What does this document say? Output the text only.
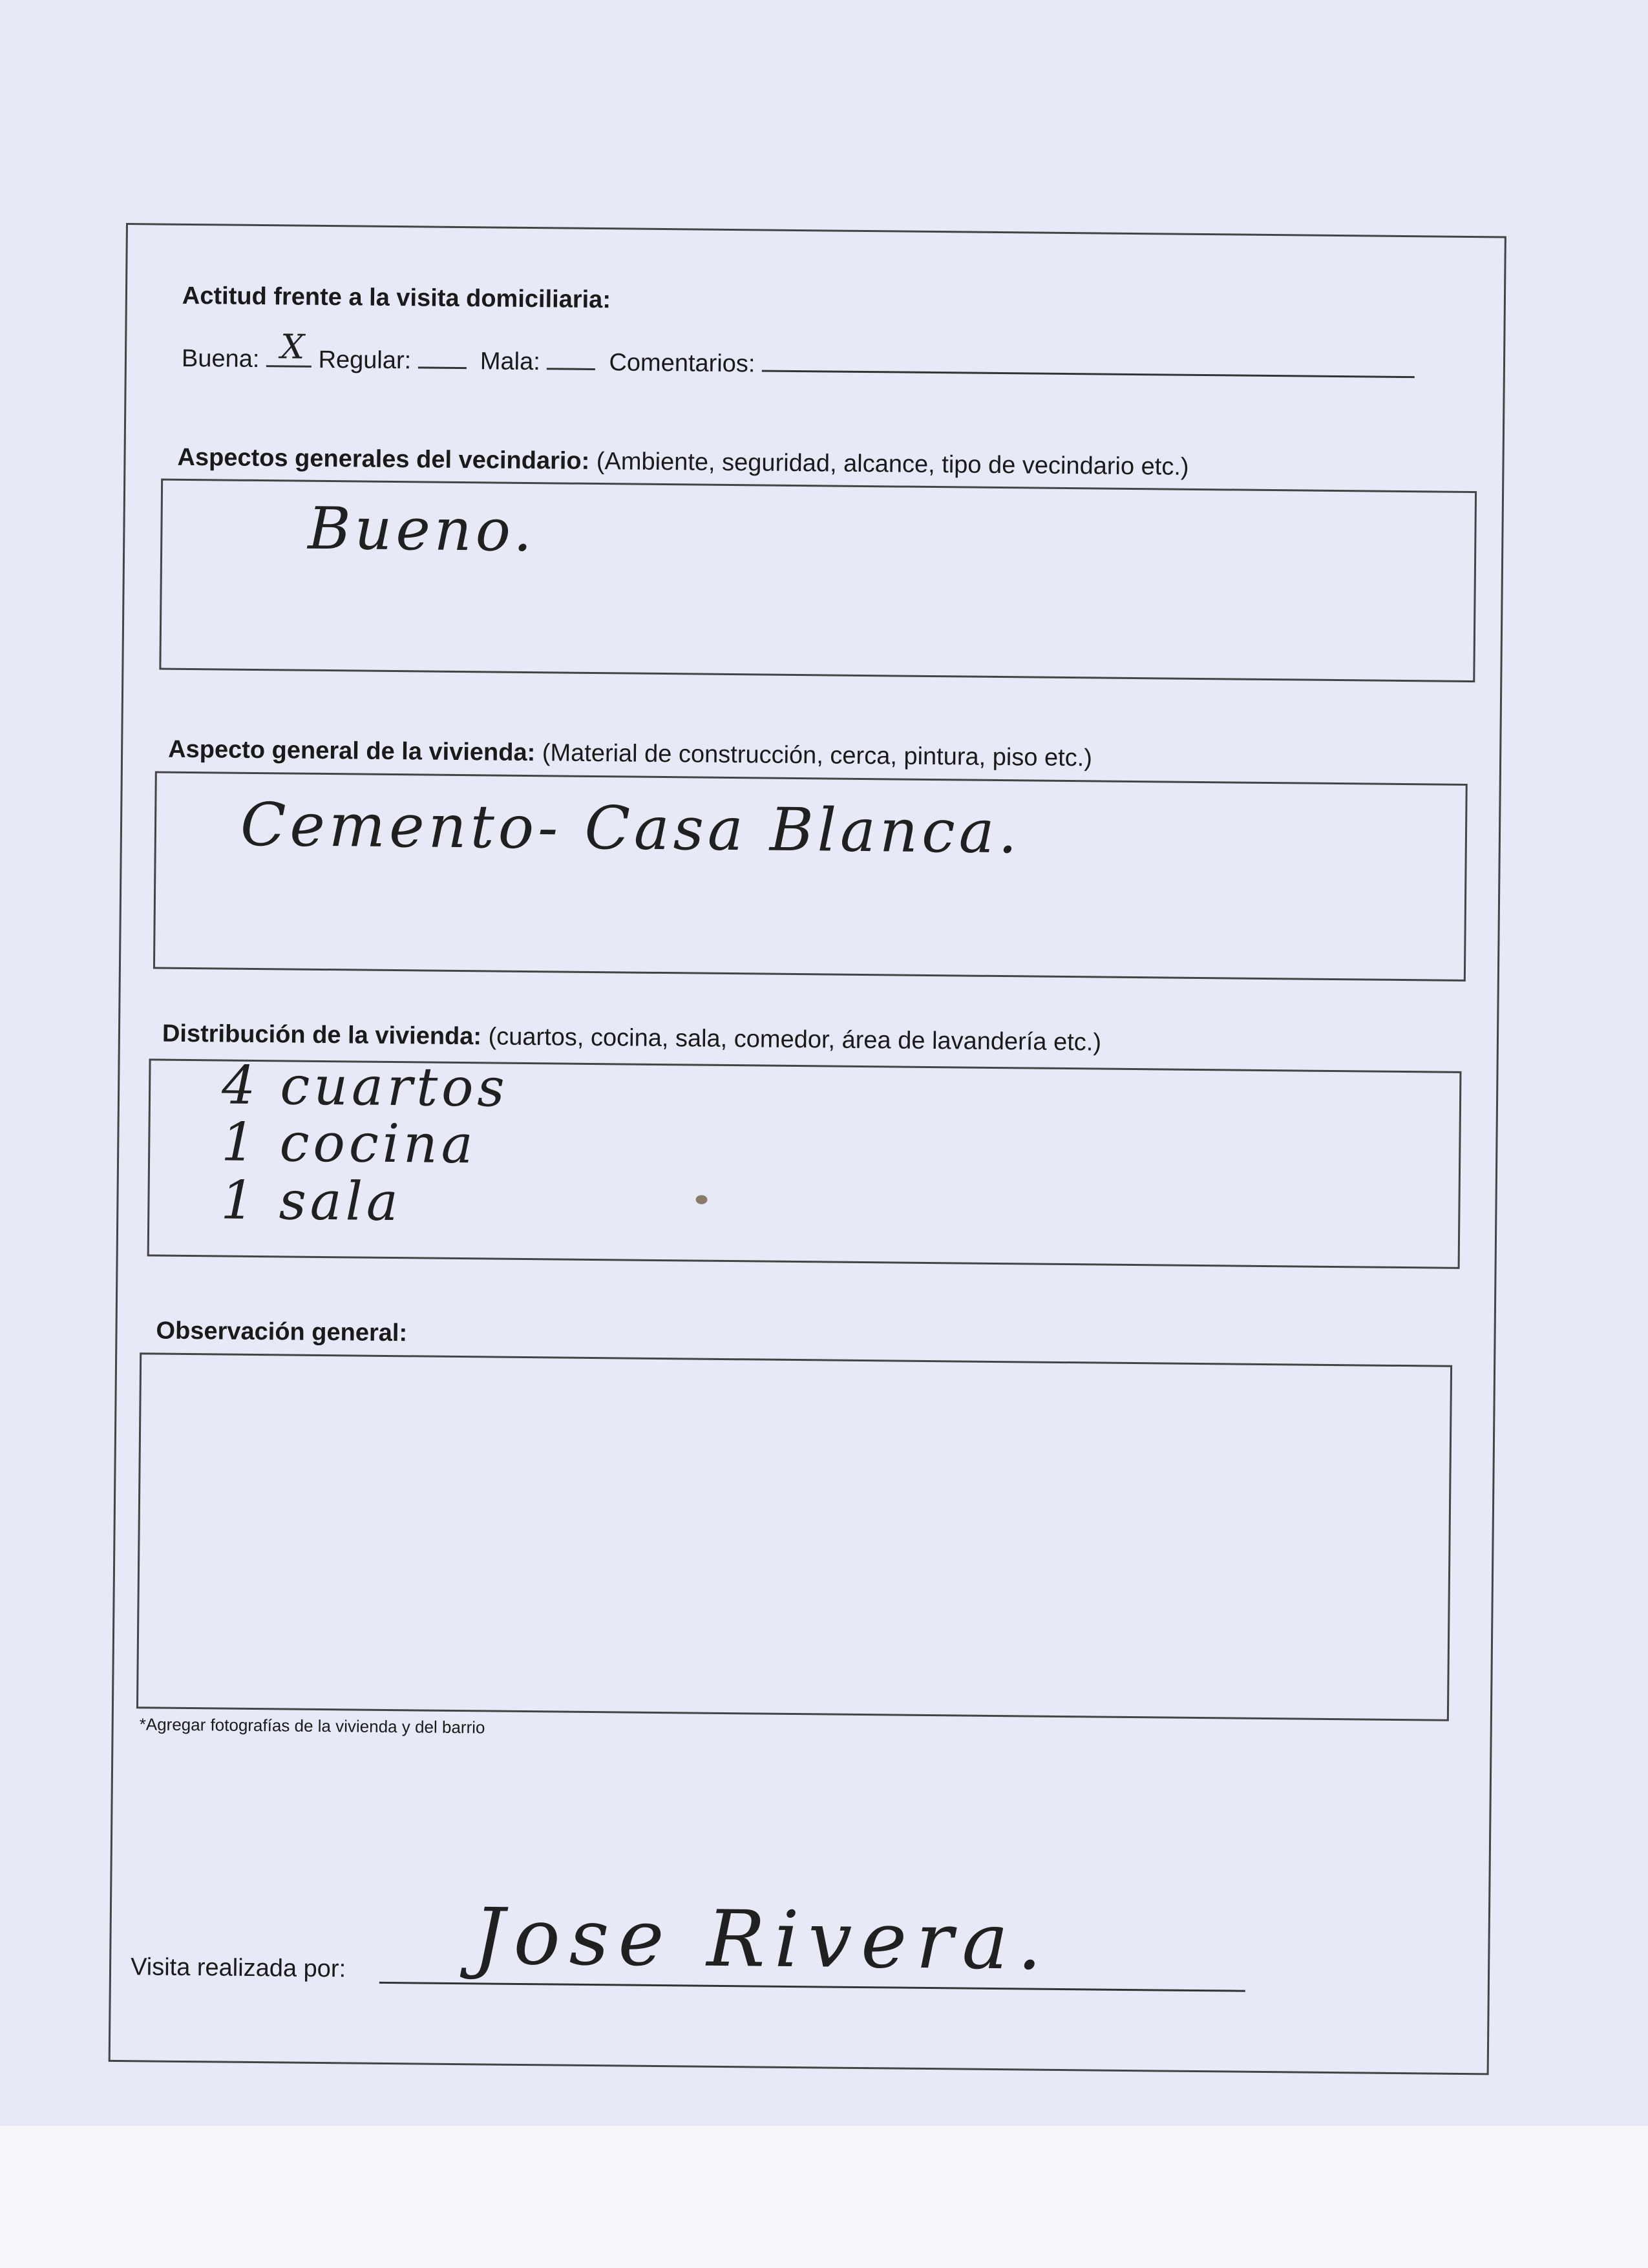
Actitud frente a la visita domiciliaria:
Buena: X Regular:	Mala:	Comentarios:
Aspectos generales del vecindario: (Ambiente, seguridad, alcance, tipo de vecindario etc.)
Bueno.
Aspecto general de la vivienda: (Material de construcción, cerca, pintura, piso etc.)
Cemento- Casa Blanca.
Distribución de la vivienda: (cuartos, cocina, sala, comedor, área de lavandería etc.)
4 cuartos
1 cocina
1 sala
Observación general:
*Agregar fotografías de la vivienda y del barrio
Visita realizada por: Jose Rivera.
